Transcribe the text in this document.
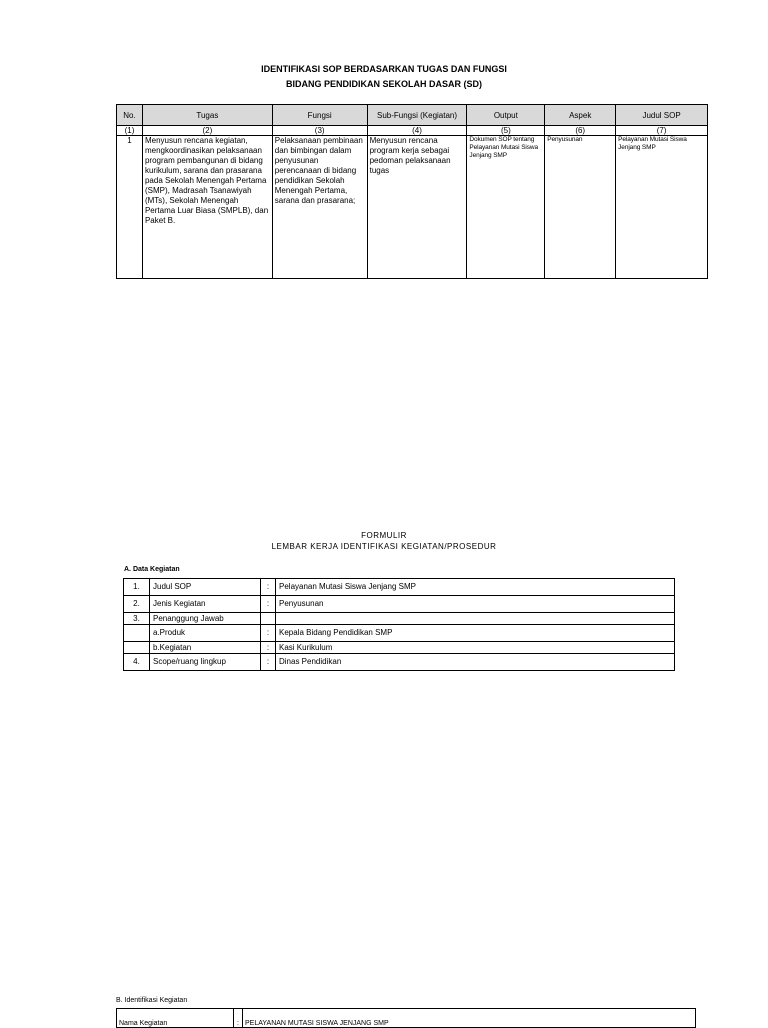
IDENTIFIKASI SOP BERDASARKAN TUGAS DAN FUNGSI
BIDANG PENDIDIKAN SEKOLAH DASAR (SD)
No.	Tugas	Fungsi	Sub-Fungsi (Kegiatan)	Output	Aspek	Judul SOP
(1)	(2)	(3)	(4)	(5)	(6)	(7)
1	Menyusun rencana kegiatan, mengkoordinasikan pelaksanaan program pembangunan di bidang kurikulum, sarana dan prasarana pada Sekolah Menengah Pertama (SMP), Madrasah Tsanawiyah (MTs), Sekolah Menengah Pertama Luar Biasa (SMPLB), dan Paket B.	Pelaksanaan pembinaan dan bimbingan dalam penyusunan perencanaan di bidang pendidikan Sekolah Menengah Pertama, sarana dan prasarana;	Menyusun rencana program kerja sebagai pedoman pelaksanaan tugas	Dokumen SOP tentang Pelayanan Mutasi Siswa Jenjang SMP	Penyusunan	Pelayanan Mutasi Siswa Jenjang SMP
FORMULIR
LEMBAR KERJA IDENTIFIKASI KEGIATAN/PROSEDUR
A. Data Kegiatan
1.	Judul SOP	:	Pelayanan Mutasi Siswa Jenjang SMP
2.	Jenis Kegiatan	:	Penyusunan
3.	Penanggung Jawab		
	a.Produk	:	Kepala Bidang Pendidikan SMP
	b.Kegiatan	:	Kasi Kurikulum
4.	Scope/ruang lingkup	:	Dinas Pendidikan
B. Identifikasi Kegiatan
Nama Kegiatan	:	PELAYANAN MUTASI SISWA JENJANG SMP
